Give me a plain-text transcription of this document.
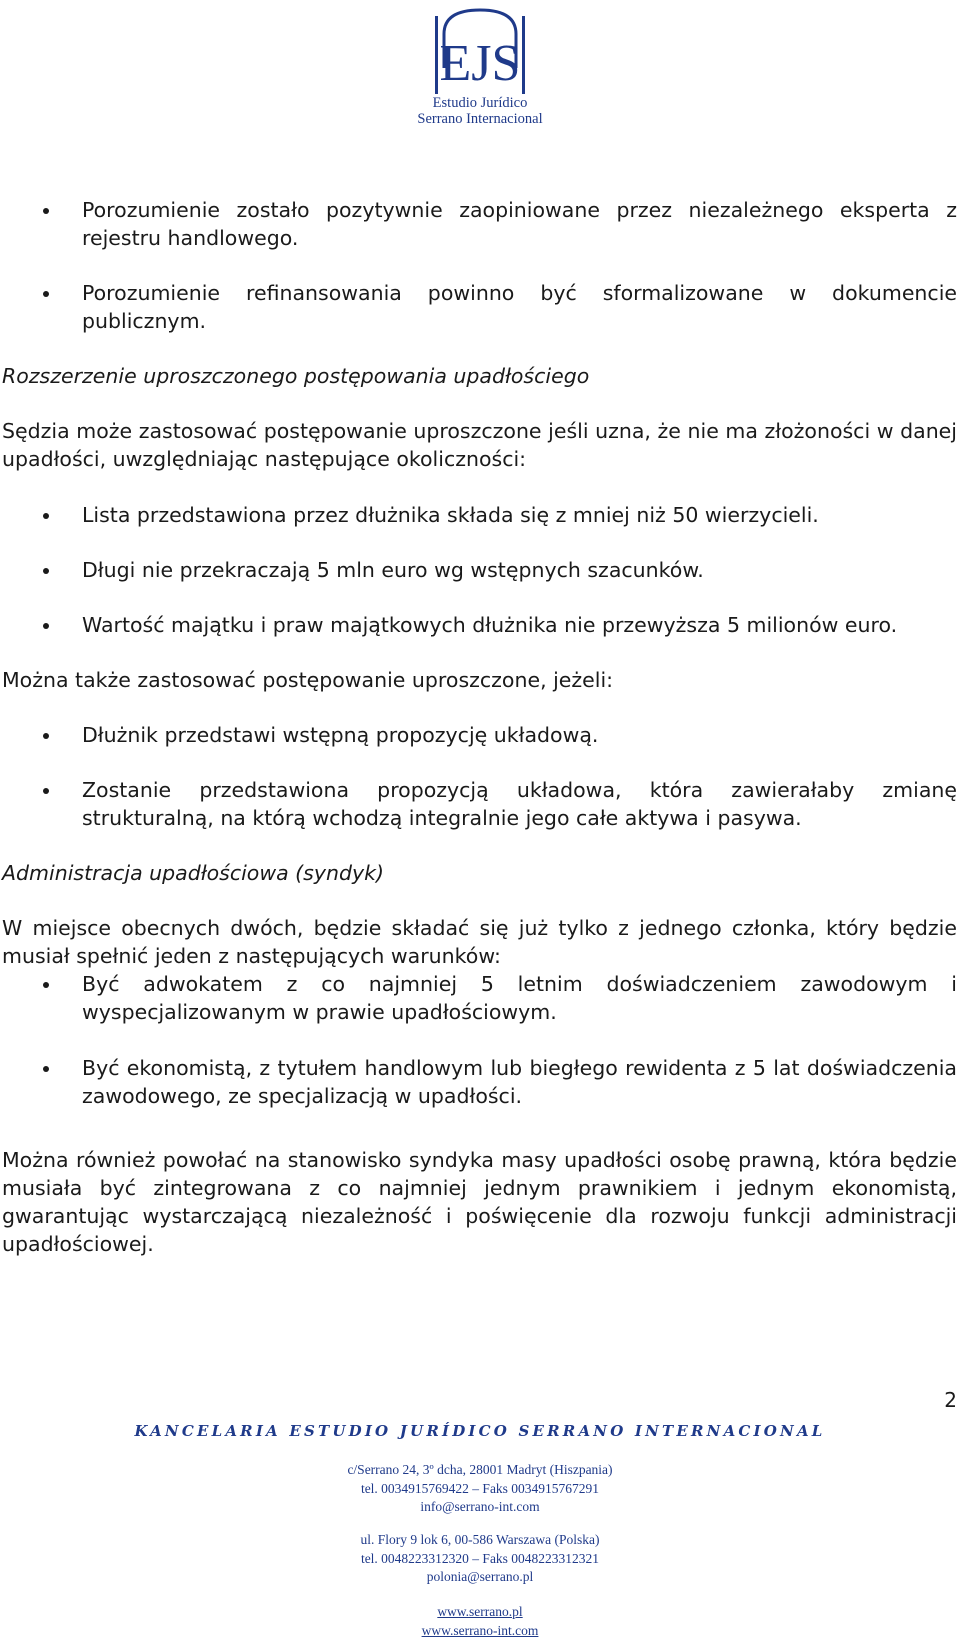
EJS
Estudio Jurídico
Serrano Internacional
Porozumienie zostało pozytywnie zaopiniowane przez niezależnego eksperta z rejestru handlowego.
Porozumienie refinansowania powinno być sformalizowane w dokumencie publicznym.

Rozszerzenie uproszczonego postępowania upadłościego

Sędzia może zastosować postępowanie uproszczone jeśli uzna, że nie ma złożoności w danej upadłości, uwzględniając następujące okoliczności:

Lista przedstawiona przez dłużnika składa się z mniej niż 50 wierzycieli.
Długi nie przekraczają 5 mln euro wg wstępnych szacunków.
Wartość majątku i praw majątkowych dłużnika nie przewyższa 5 milionów euro.

Można także zastosować postępowanie uproszczone, jeżeli:

Dłużnik przedstawi wstępną propozycję układową.
Zostanie przedstawiona propozycją układowa, która zawierałaby zmianę strukturalną, na którą wchodzą integralnie jego całe aktywa i pasywa.

Administracja upadłościowa (syndyk)

W miejsce obecnych dwóch, będzie składać się już tylko z jednego członka, który będzie musiał spełnić jeden z następujących warunków:

Być adwokatem z co najmniej 5 letnim doświadczeniem zawodowym i wyspecjalizowanym w prawie upadłościowym.
Być ekonomistą, z tytułem handlowym lub biegłego rewidenta z 5 lat doświadczenia zawodowego, ze specjalizacją w upadłości.

Można również powołać na stanowisko syndyka masy upadłości osobę prawną, która będzie musiała być zintegrowana z co najmniej jednym prawnikiem i jednym ekonomistą, gwarantując wystarczającą niezależność i poświęcenie dla rozwoju funkcji administracji upadłościowej.

2
KANCELARIA ESTUDIO JURÍDICO SERRANO INTERNACIONAL
c/Serrano 24, 3º dcha, 28001 Madryt (Hiszpania)
tel. 0034915769422 – Faks 0034915767291
info@serrano-int.com
ul. Flory 9 lok 6, 00-586 Warszawa (Polska)
tel. 0048223312320 – Faks 0048223312321
polonia@serrano.pl
www.serrano.pl
www.serrano-int.com
